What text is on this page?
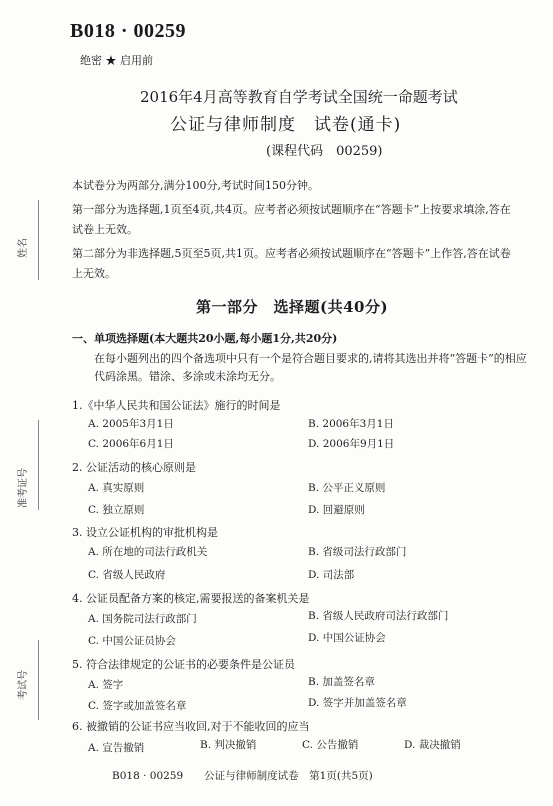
姓名
准考证号
考试号
B018 · 00259
绝密 ★ 启用前
2016年4月高等教育自学考试全国统一命题考试
公证与律师制度　试卷(通卡)
(课程代码　00259)
本试卷分为两部分,满分100分,考试时间150分钟。
第一部分为选择题,1页至4页,共4页。应考者必须按试题顺序在“答题卡”上按要求填涂,答在试卷上无效。
第二部分为非选择题,5页至5页,共1页。应考者必须按试题顺序在“答题卡”上作答,答在试卷上无效。
第一部分　选择题(共40分)
一、单项选择题(本大题共20小题,每小题1分,共20分)
在每小题列出的四个备选项中只有一个是符合题目要求的,请将其选出并将“答题卡”的相应代码涂黑。错涂、多涂或未涂均无分。
1.《中华人民共和国公证法》施行的时间是
A. 2005年3月1日	B. 2006年3月1日
C. 2006年6月1日	D. 2006年9月1日
2. 公证活动的核心原则是
A. 真实原则	B. 公平正义原则
C. 独立原则	D. 回避原则
3. 设立公证机构的审批机构是
A. 所在地的司法行政机关	B. 省级司法行政部门
C. 省级人民政府	D. 司法部
4. 公证员配备方案的核定,需要报送的备案机关是
A. 国务院司法行政部门	B. 省级人民政府司法行政部门
C. 中国公证员协会	D. 中国公证协会
5. 符合法律规定的公证书的必要条件是公证员
A. 签字	B. 加盖签名章
C. 签字或加盖签名章	D. 签字并加盖签名章
6. 被撤销的公证书应当收回,对于不能收回的应当
A. 宣告撤销	B. 判决撤销	C. 公告撤销	D. 裁决撤销
B018 · 00259　　公证与律师制度试卷　第1页(共5页)
